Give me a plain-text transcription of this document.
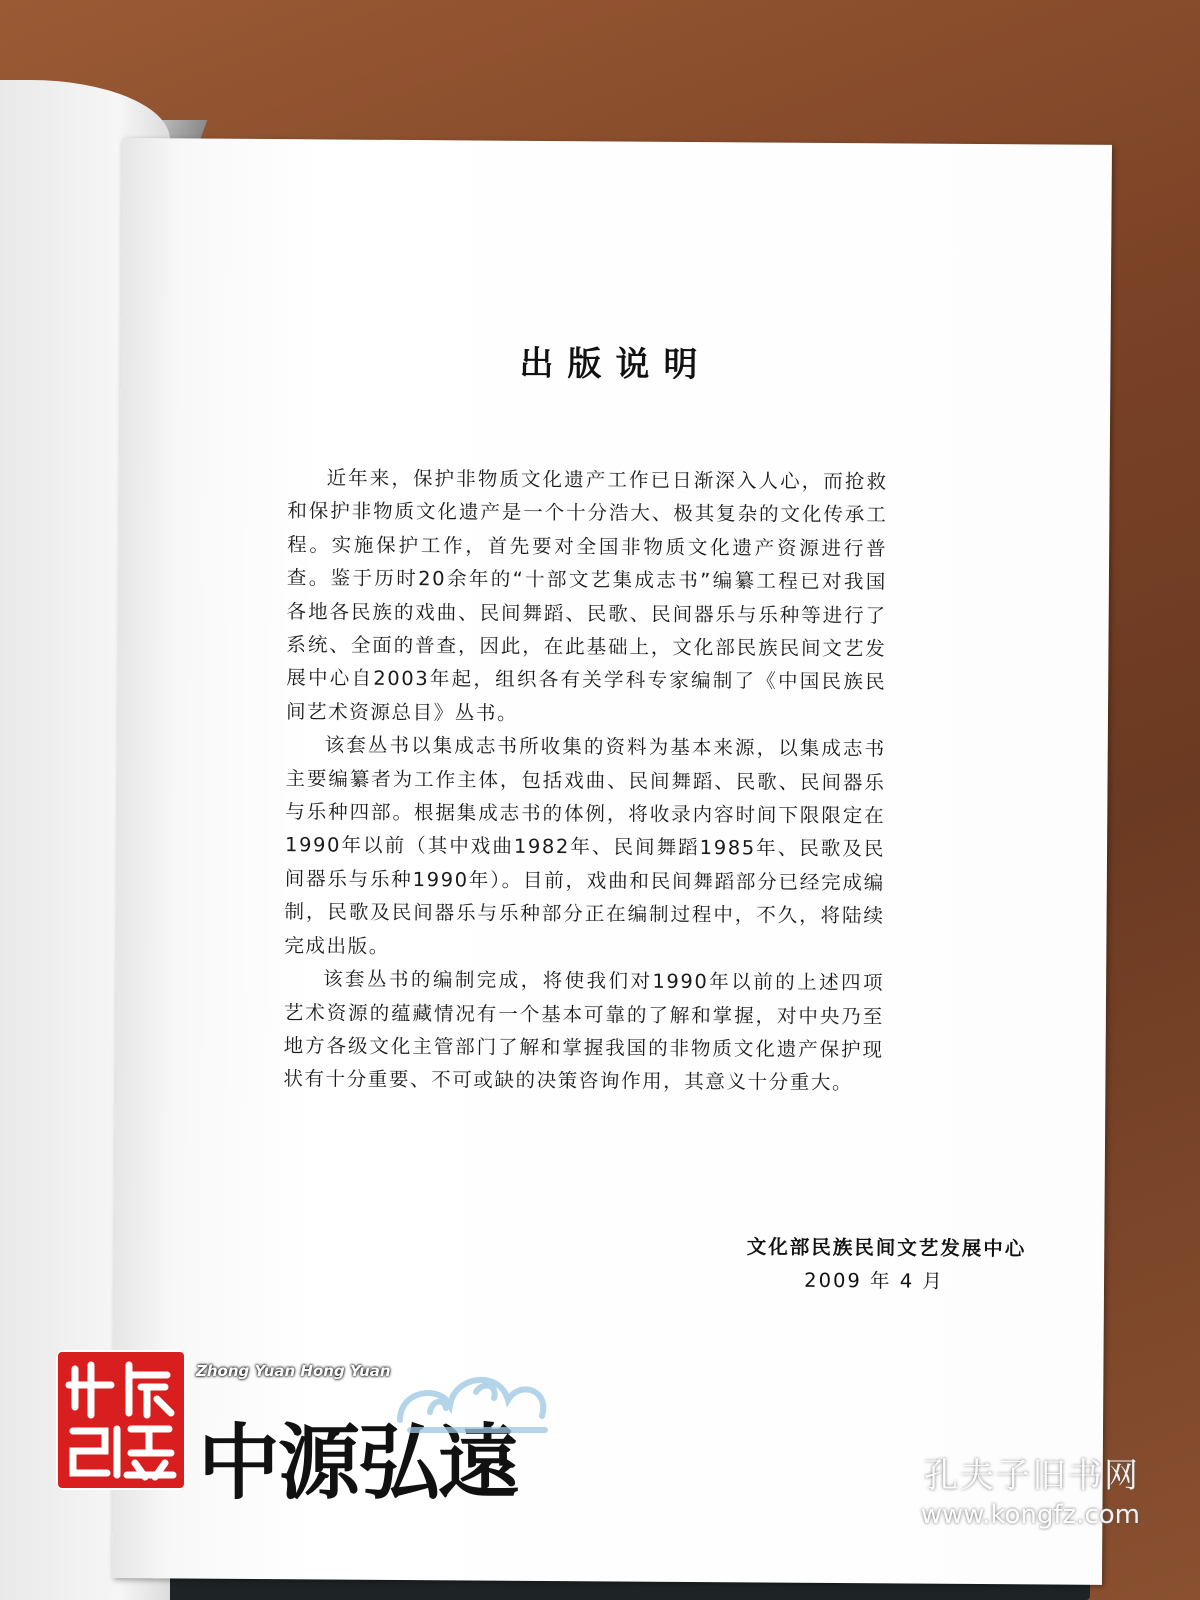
出版说明

近年来，保护非物质文化遗产工作已日渐深入人心，而抢救和保护非物质文化遗产是一个十分浩大、极其复杂的文化传承工程。实施保护工作，首先要对全国非物质文化遗产资源进行普查。鉴于历时20余年的“十部文艺集成志书”编纂工程已对我国各地各民族的戏曲、民间舞蹈、民歌、民间器乐与乐种等进行了系统、全面的普查，因此，在此基础上，文化部民族民间文艺发展中心自2003年起，组织各有关学科专家编制了《中国民族民间艺术资源总目》丛书。

该套丛书以集成志书所收集的资料为基本来源，以集成志书主要编纂者为工作主体，包括戏曲、民间舞蹈、民歌、民间器乐与乐种四部。根据集成志书的体例，将收录内容时间下限限定在1990年以前（其中戏曲1982年、民间舞蹈1985年、民歌及民间器乐与乐种1990年）。目前，戏曲和民间舞蹈部分已经完成编制，民歌及民间器乐与乐种部分正在编制过程中，不久，将陆续完成出版。

该套丛书的编制完成，将使我们对1990年以前的上述四项艺术资源的蕴藏情况有一个基本可靠的了解和掌握，对中央乃至地方各级文化主管部门了解和掌握我国的非物质文化遗产保护现状有十分重要、不可或缺的决策咨询作用，其意义十分重大。

文化部民族民间文艺发展中心
2009 年 4 月
Zhong Yuan Hong Yuan
中源弘遠	孔夫子旧书网
www.kongfz.com
